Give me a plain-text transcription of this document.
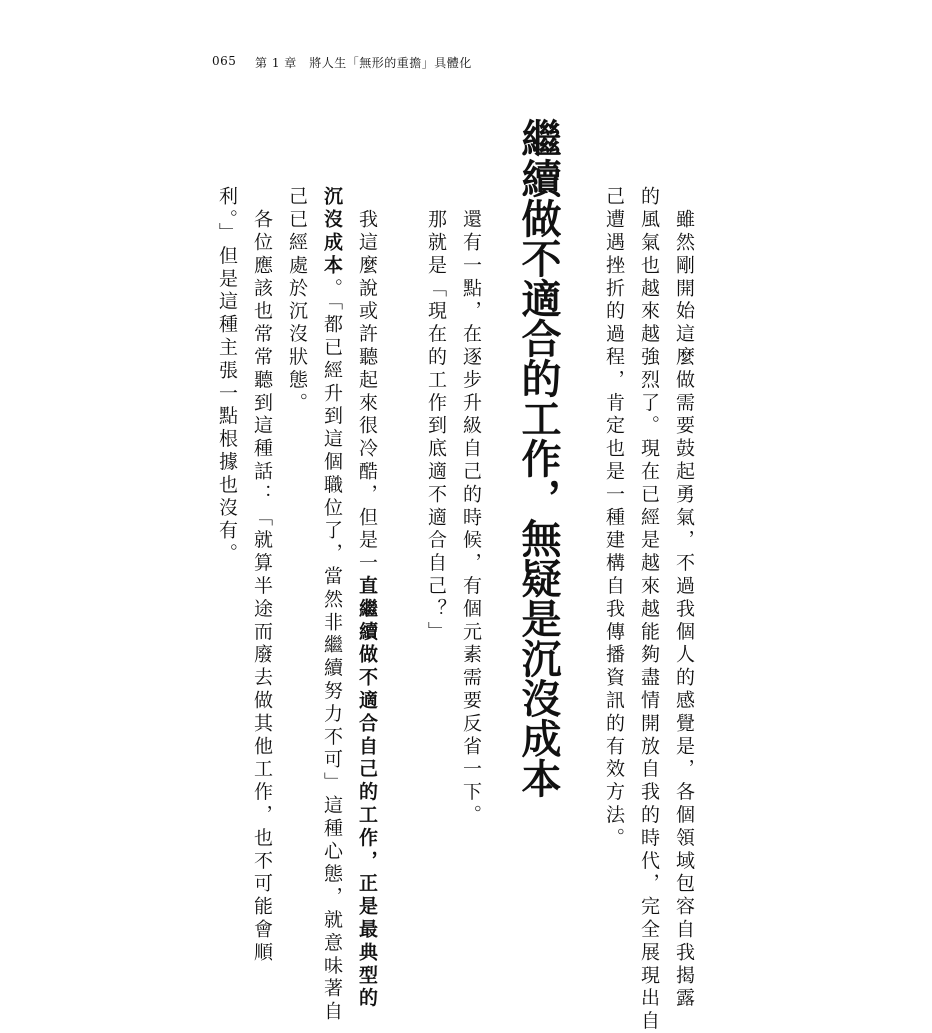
065 第 1 章　將人生「無形的重擔」具體化
　雖然剛開始這麼做需要鼓起勇氣，不過我個人的感覺是，各個領域包容自我揭露
的風氣也越來越強烈了。現在已經是越來越能夠盡情開放自我的時代，完全展現出自
己遭遇挫折的過程，肯定也是一種建構自我傳播資訊的有效方法。
繼續做不適合的工作，無疑是沉沒成本
　還有一點，在逐步升級自己的時候，有個元素需要反省一下。
　那就是「現在的工作到底適不適合自己？」
　我這麼說或許聽起來很冷酷，但是一直繼續做不適合自己的工作，正是最典型的
沉沒成本。「都已經升到這個職位了，當然非繼續努力不可」這種心態，就意味著自
己已經處於沉沒狀態。
　各位應該也常常聽到這種話：「就算半途而廢去做其他工作，也不可能會順
利。」但是這種主張一點根據也沒有。
